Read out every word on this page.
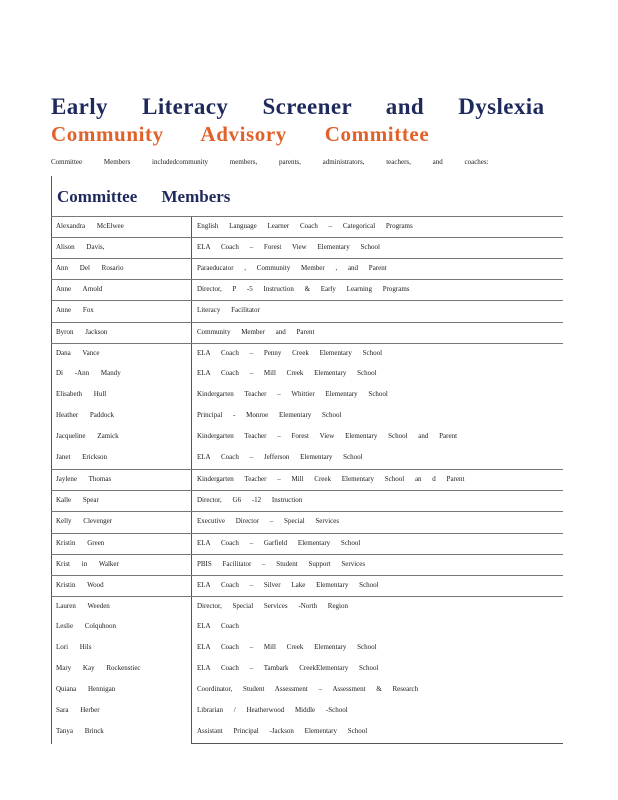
Early Literacy Screener and Dyslexia
Community Advisory Committee
Committee Members includedcommunity members, parents, administrators, teachers, and coaches:
Committee Members
Alexandra McElwee	English Language Learner Coach – Categorical Programs
Alison Davis,	ELA Coach – Forest View Elementary School
Ann Del Rosario	Paraeducator , Community Member , and Parent
Anne Arnold	Director, P -5 Instruction & Early Learning Programs
Anne Fox	Literacy Facilitator
Byron Jackson	Community Member and Parent
Dana Vance	ELA Coach – Penny Creek Elementary School
Di -Ann Mandy	ELA Coach – Mill Creek Elementary School
Elisabeth Hull	Kindergarten Teacher – Whittier Elementary School
Heather Paddock	Principal - Monroe Elementary School
Jacqueline Zamick	Kindergarten Teacher – Forest View Elementary School and Parent
Janet Erickson	ELA Coach – Jefferson Elementary School
Jaylene Thomas	Kindergarten Teacher – Mill Creek Elementary School an d Parent
Kalle Spear	Director, G6 -12 Instruction
Kelly Clevenger	Executive Director – Special Services
Kristin Green	ELA Coach – Garfield Elementary School
Krist in Walker	PBIS Facilitator – Student Support Services
Kristin Wood	ELA Coach – Silver Lake Elementary School
Lauren Weeden	Director, Special Services -North Region
Leslie Colquhoon	ELA Coach
Lori Hils	ELA Coach – Mill Creek Elementary School
Mary Kay Rockenstiec	ELA Coach – Tambark CreekElementary School
Quiana Hennigan	Coordinator, Student Assessment – Assessment & Research
Sara Herber	Librarian / Heatherwood Middle -School
Tanya Brinck	Assistant Principal -Jackson Elementary School
